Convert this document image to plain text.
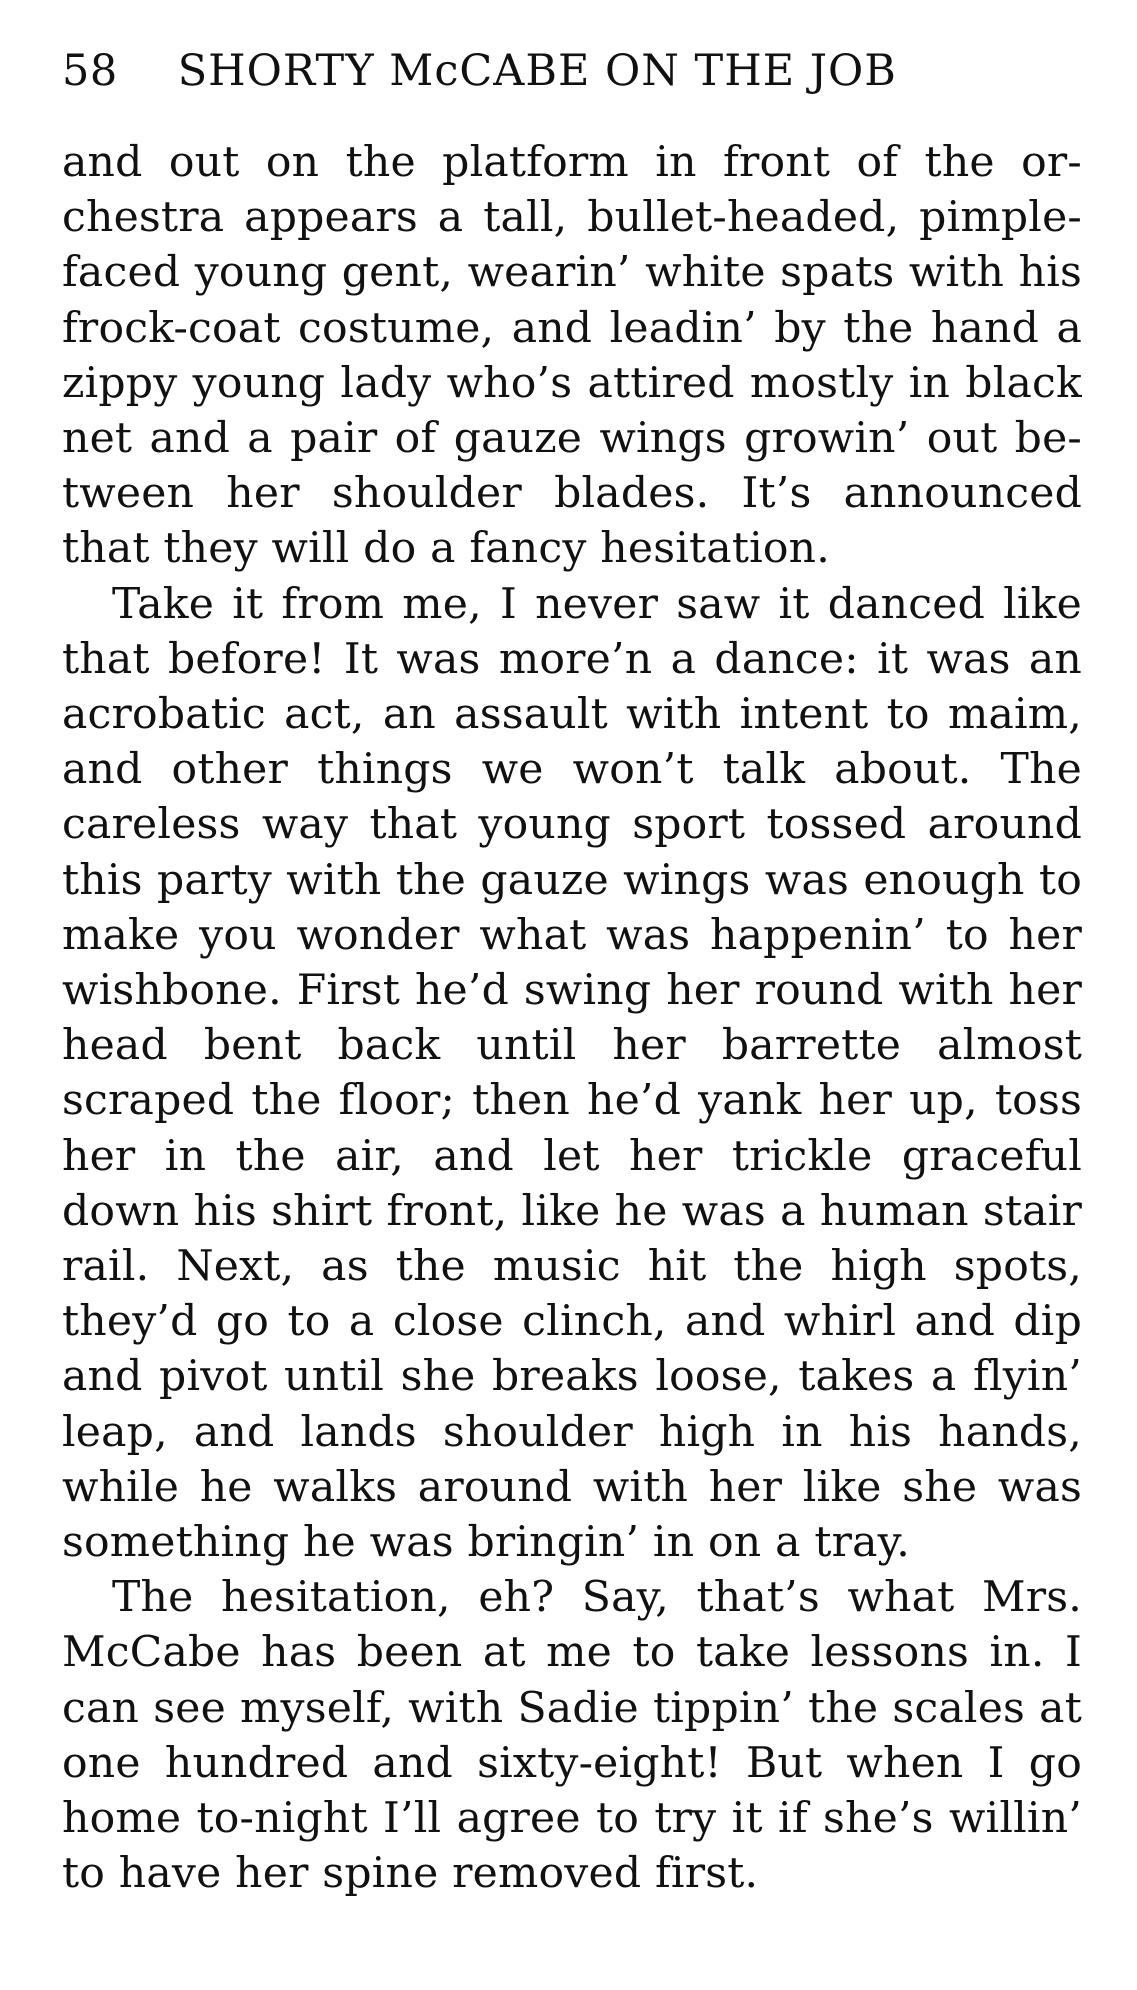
58 SHORTY McCABE ON THE JOB

and out on the platform in front of the or- chestra appears a tall, bullet-headed, pimple- faced young gent, wearin’ white spats with his frock-coat costume, and leadin’ by the hand a zippy young lady who’s attired mostly in black net and a pair of gauze wings growin’ out be- tween her shoulder blades. It’s announced that they will do a fancy hesitation.

Take it from me, I never saw it danced like that before! It was more’n a dance: it was an acrobatic act, an assault with intent to maim, and other things we won’t talk about. The careless way that young sport tossed around this party with the gauze wings was enough to make you wonder what was happenin’ to her wishbone. First he’d swing her round with her head bent back until her barrette almost scraped the floor; then he’d yank her up, toss her in the air, and let her trickle graceful down his shirt front, like he was a human stair rail. Next, as the music hit the high spots, they’d go to a close clinch, and whirl and dip and pivot until she breaks loose, takes a flyin’ leap, and lands shoulder high in his hands, while he walks around with her like she was something he was bringin’ in on a tray.

The hesitation, eh? Say, that’s what Mrs. McCabe has been at me to take lessons in. I can see myself, with Sadie tippin’ the scales at one hundred and sixty-eight! But when I go home to-night I’ll agree to try it if she’s willin’ to have her spine removed first.
